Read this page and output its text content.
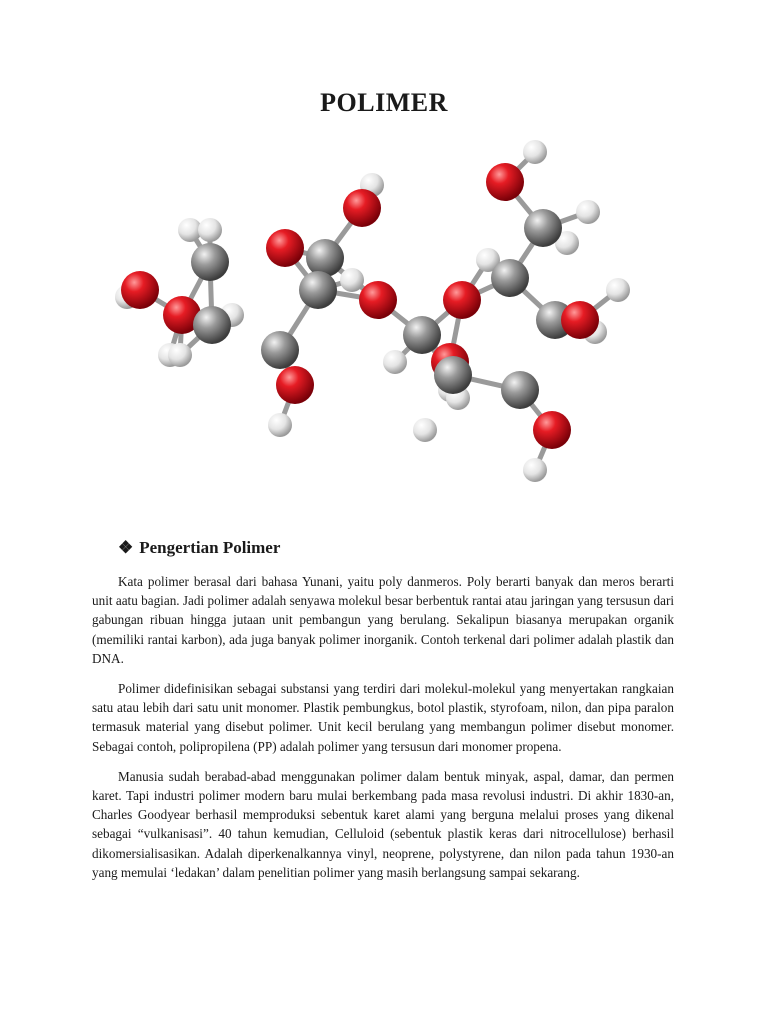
POLIMER
❖ Pengertian Polimer

Kata polimer berasal dari bahasa Yunani, yaitu poly danmeros. Poly berarti banyak dan meros berarti unit aatu bagian. Jadi polimer adalah senyawa molekul besar berbentuk rantai atau jaringan yang tersusun dari gabungan ribuan hingga jutaan unit pembangun yang berulang. Sekalipun biasanya merupakan organik (memiliki rantai karbon), ada juga banyak polimer inorganik. Contoh terkenal dari polimer adalah plastik dan DNA.

Polimer didefinisikan sebagai substansi yang terdiri dari molekul-molekul yang menyertakan rangkaian satu atau lebih dari satu unit monomer. Plastik pembungkus, botol plastik, styrofoam, nilon, dan pipa paralon termasuk material yang disebut polimer. Unit kecil berulang yang membangun polimer disebut monomer. Sebagai contoh, polipropilena (PP) adalah polimer yang tersusun dari monomer propena.

Manusia sudah berabad-abad menggunakan polimer dalam bentuk minyak, aspal, damar, dan permen karet. Tapi industri polimer modern baru mulai berkembang pada masa revolusi industri. Di akhir 1830-an, Charles Goodyear berhasil memproduksi sebentuk karet alami yang berguna melalui proses yang dikenal sebagai “vulkanisasi”. 40 tahun kemudian, Celluloid (sebentuk plastik keras dari nitrocellulose) berhasil dikomersialisasikan. Adalah diperkenalkannya vinyl, neoprene, polystyrene, dan nilon pada tahun 1930-an yang memulai ‘ledakan’ dalam penelitian polimer yang masih berlangsung sampai sekarang.
